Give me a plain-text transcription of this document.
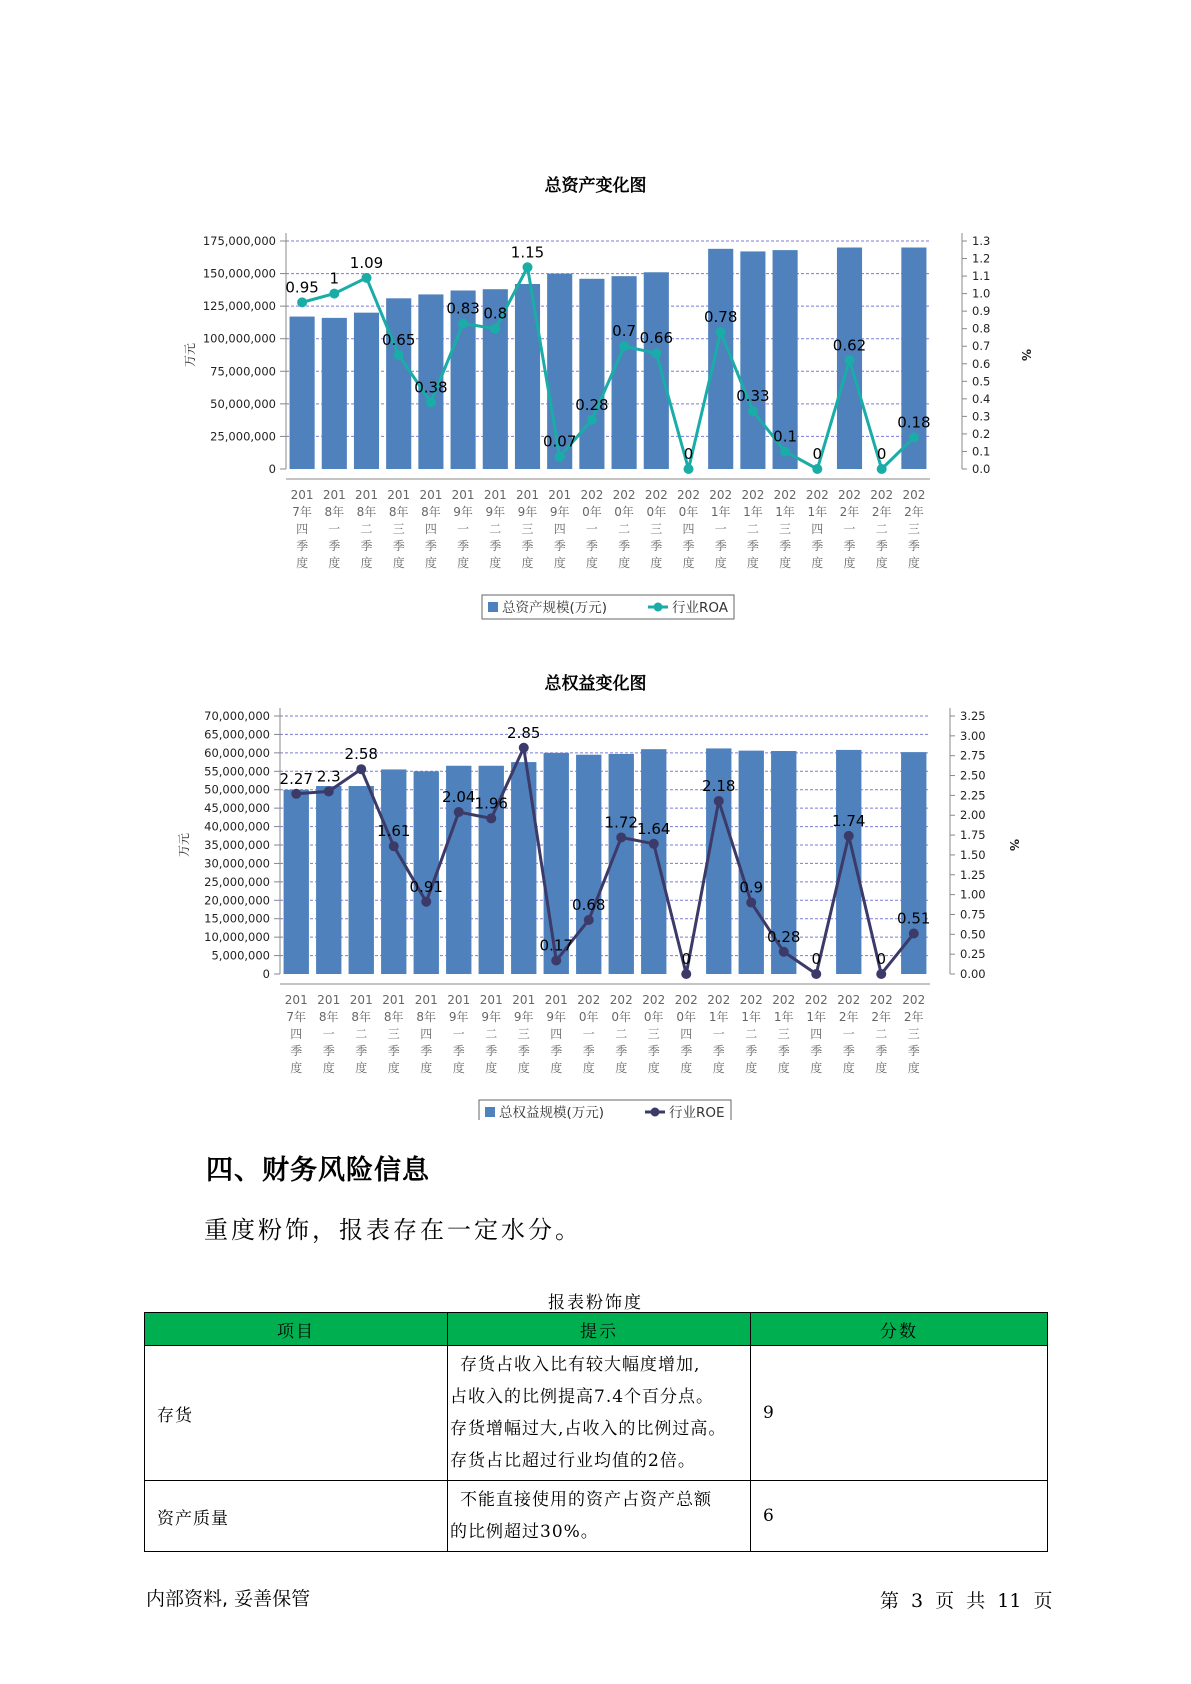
总资产变化图
0
25,000,000
50,000,000
75,000,000
100,000,000
125,000,000
150,000,000
175,000,000
0.0
0.1
0.2
0.3
0.4
0.5
0.6
0.7
0.8
0.9
1.0
1.1
1.2
1.3
万元	%
201
7年
四
季
度
201
8年
一
季
度
201
8年
二
季
度
201
8年
三
季
度
201
8年
四
季
度
201
9年
一
季
度
201
9年
二
季
度
201
9年
三
季
度
201
9年
四
季
度
202
0年
一
季
度
202
0年
二
季
度
202
0年
三
季
度
202
0年
四
季
度
202
1年
一
季
度
202
1年
二
季
度
202
1年
三
季
度
202
1年
四
季
度
202
2年
一
季
度
202
2年
二
季
度
202
2年
三
季
度
0.95 1
1.09
0.65
0.38
0.83 0.8
1.15
0.07
0.28
0.7 0.66
0
0.78
0.33
0.1
0
0.62
0
0.18
总资产规模(万元)	行业ROA
总权益变化图
0
5,000,000
10,000,000
15,000,000
20,000,000
25,000,000
30,000,000
35,000,000
40,000,000
45,000,000
50,000,000
55,000,000
60,000,000
65,000,000
70,000,000
0.00
0.25
0.50
0.75
1.00
1.25
1.50
1.75
2.00
2.25
2.50
2.75
3.00
3.25
万元	%
201
7年
四
季
度
201
8年
一
季
度
201
8年
二
季
度
201
8年
三
季
度
201
8年
四
季
度
201
9年
一
季
度
201
9年
二
季
度
201
9年
三
季
度
201
9年
四
季
度
202
0年
一
季
度
202
0年
二
季
度
202
0年
三
季
度
202
0年
四
季
度
202
1年
一
季
度
202
1年
二
季
度
202
1年
三
季
度
202
1年
四
季
度
202
2年
一
季
度
202
2年
二
季
度
202
2年
三
季
度
2.27 2.3
2.58
1.61
0.91
2.04 1.96
2.85
0.17
0.68
1.72 1.64
0
2.18
0.9
0.28
0
1.74
0
0.51
总权益规模(万元)	行业ROE
四、财务风险信息
重度粉饰，报表存在一定水分。
报表粉饰度
项目	提示	分数
存货	存货占收入比有较大幅度增加,
占收入的比例提高7.4个百分点。
存货增幅过大,占收入的比例过高。
存货占比超过行业均值的2倍。	9
资产质量	不能直接使用的资产占资产总额
的比例超过30%。	6
内部资料, 妥善保管	第 3 页 共 11 页
